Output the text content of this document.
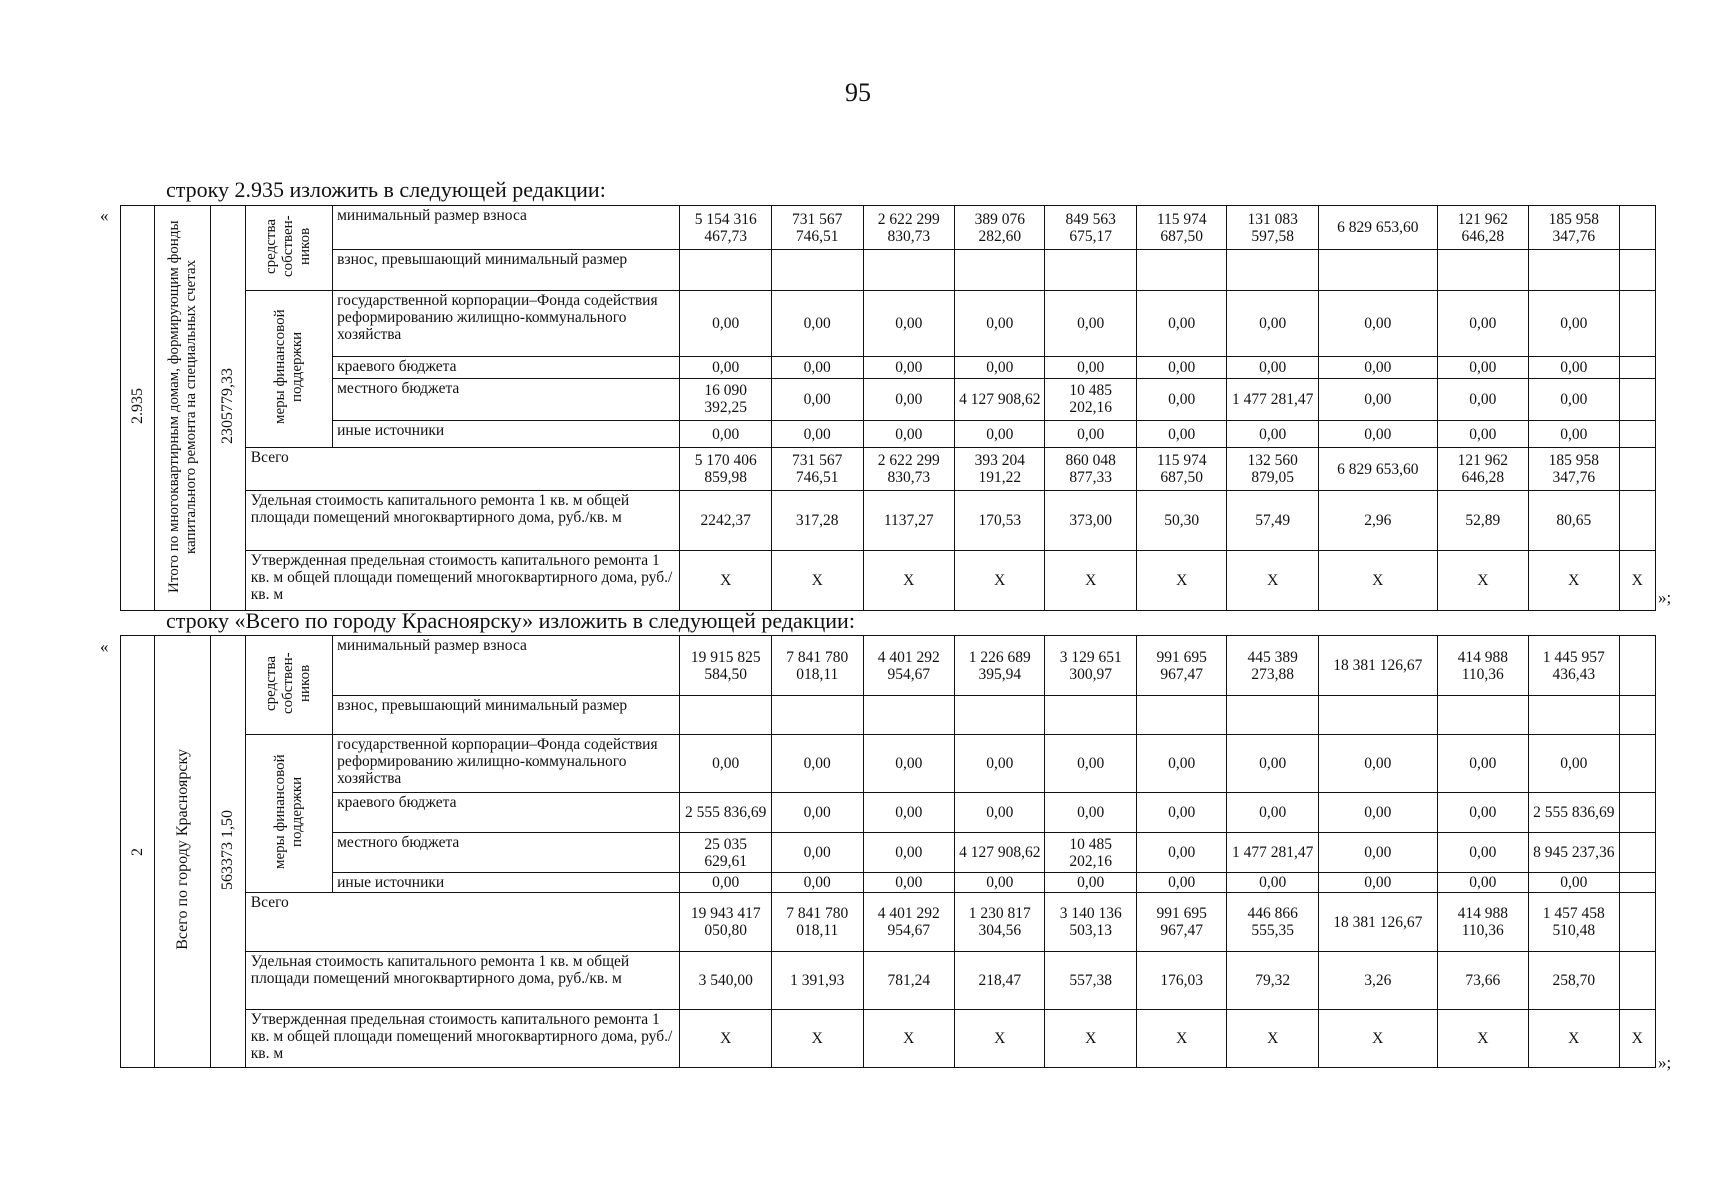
95
строку 2.935 изложить в следующей редакции:
«
2.935	Итого по многоквартирным домам, формирующим фонды капитального ремонта на специальных счетах	2305779,33	средства собствен-ников	минимальный размер взноса	5 154 316 467,73	731 567 746,51	2 622 299 830,73	389 076 282,60	849 563 675,17	115 974 687,50	131 083 597,58	6 829 653,60	121 962 646,28	185 958 347,76	
				взнос, превышающий минимальный размер											
			меры финансовой поддержки	государственной корпорации–Фонда содействия реформированию жилищно-коммунального хозяйства	0,00	0,00	0,00	0,00	0,00	0,00	0,00	0,00	0,00	0,00	
				краевого бюджета	0,00	0,00	0,00	0,00	0,00	0,00	0,00	0,00	0,00	0,00	
				местного бюджета	16 090 392,25	0,00	0,00	4 127 908,62	10 485 202,16	0,00	1 477 281,47	0,00	0,00	0,00	
				иные источники	0,00	0,00	0,00	0,00	0,00	0,00	0,00	0,00	0,00	0,00	
			Всего		5 170 406 859,98	731 567 746,51	2 622 299 830,73	393 204 191,22	860 048 877,33	115 974 687,50	132 560 879,05	6 829 653,60	121 962 646,28	185 958 347,76	
			Удельная стоимость капитального ремонта 1 кв. м общей площади помещений многоквартирного дома, руб./кв. м		2242,37	317,28	1137,27	170,53	373,00	50,30	57,49	2,96	52,89	80,65	
			Утвержденная предельная стоимость капитального ремонта 1 кв. м общей площади помещений многоквартирного дома, руб./кв. м		X	X	X	X	X	X	X	X	X	X	X
»;
строку «Всего по городу Красноярску» изложить в следующей редакции:
«
2	Всего по городу Красноярску	563373 1,50	средства собствен-ников	минимальный размер взноса	19 915 825 584,50	7 841 780 018,11	4 401 292 954,67	1 226 689 395,94	3 129 651 300,97	991 695 967,47	445 389 273,88	18 381 126,67	414 988 110,36	1 445 957 436,43	
				взнос, превышающий минимальный размер											
			меры финансовой поддержки	государственной корпорации–Фонда содействия реформированию жилищно-коммунального хозяйства	0,00	0,00	0,00	0,00	0,00	0,00	0,00	0,00	0,00	0,00	
				краевого бюджета	2 555 836,69	0,00	0,00	0,00	0,00	0,00	0,00	0,00	0,00	2 555 836,69	
				местного бюджета	25 035 629,61	0,00	0,00	4 127 908,62	10 485 202,16	0,00	1 477 281,47	0,00	0,00	8 945 237,36	
				иные источники	0,00	0,00	0,00	0,00	0,00	0,00	0,00	0,00	0,00	0,00	
			Всего		19 943 417 050,80	7 841 780 018,11	4 401 292 954,67	1 230 817 304,56	3 140 136 503,13	991 695 967,47	446 866 555,35	18 381 126,67	414 988 110,36	1 457 458 510,48	
			Удельная стоимость капитального ремонта 1 кв. м общей площади помещений многоквартирного дома, руб./кв. м		3 540,00	1 391,93	781,24	218,47	557,38	176,03	79,32	3,26	73,66	258,70	
			Утвержденная предельная стоимость капитального ремонта 1 кв. м общей площади помещений многоквартирного дома, руб./кв. м		X	X	X	X	X	X	X	X	X	X	X
»;
